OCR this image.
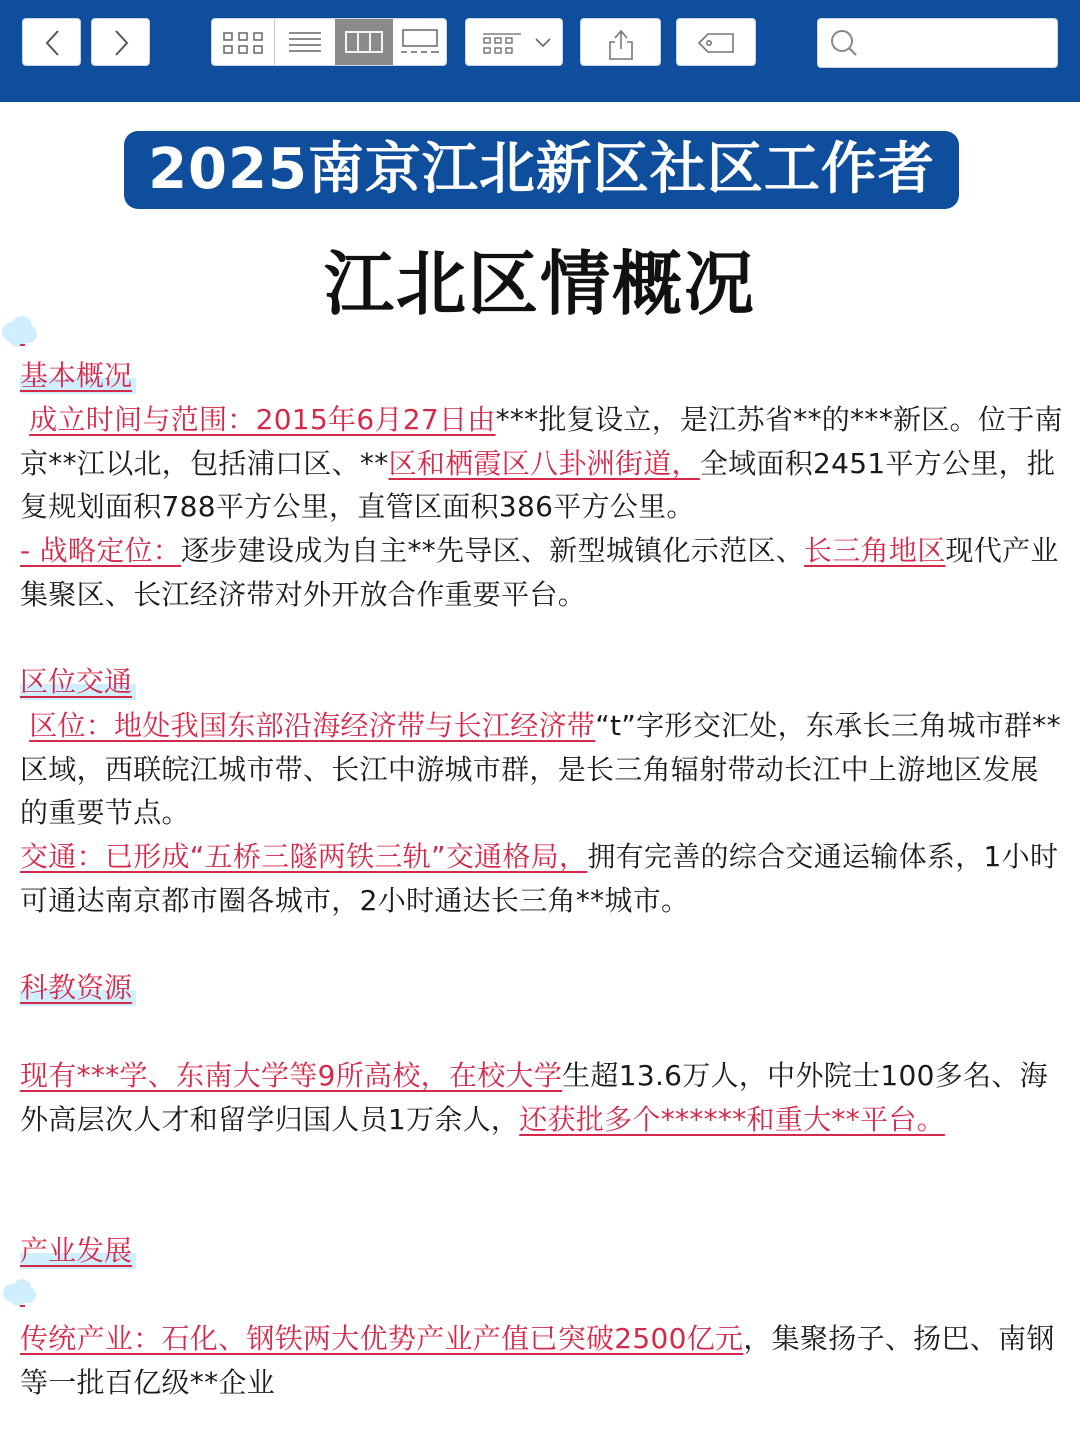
2025南京江北新区社区工作者
江北区情概况
基本概况
成立时间与范围：2015年6月27日由***批复设立，是江苏省**的***新区。位于南京**江以北，包括浦口区、**区和栖霞区八卦洲街道，全域面积2451平方公里，批复规划面积788平方公里，直管区面积386平方公里。
- 战略定位：逐步建设成为自主**先导区、新型城镇化示范区、长三角地区现代产业集聚区、长江经济带对外开放合作重要平台。
区位交通
区位：地处我国东部沿海经济带与长江经济带“t”字形交汇处，东承长三角城市群**区域，西联皖江城市带、长江中游城市群，是长三角辐射带动长江中上游地区发展的重要节点。
交通：已形成“五桥三隧两铁三轨”交通格局，拥有完善的综合交通运输体系，1小时可通达南京都市圈各城市，2小时通达长三角**城市。
科教资源
现有***学、东南大学等9所高校，在校大学生超13.6万人，中外院士100多名、海外高层次人才和留学归国人员1万余人，还获批多个******和重大**平台。
产业发展
传统产业：石化、钢铁两大优势产业产值已突破2500亿元，集聚扬子、扬巴、南钢等一批百亿级**企业
